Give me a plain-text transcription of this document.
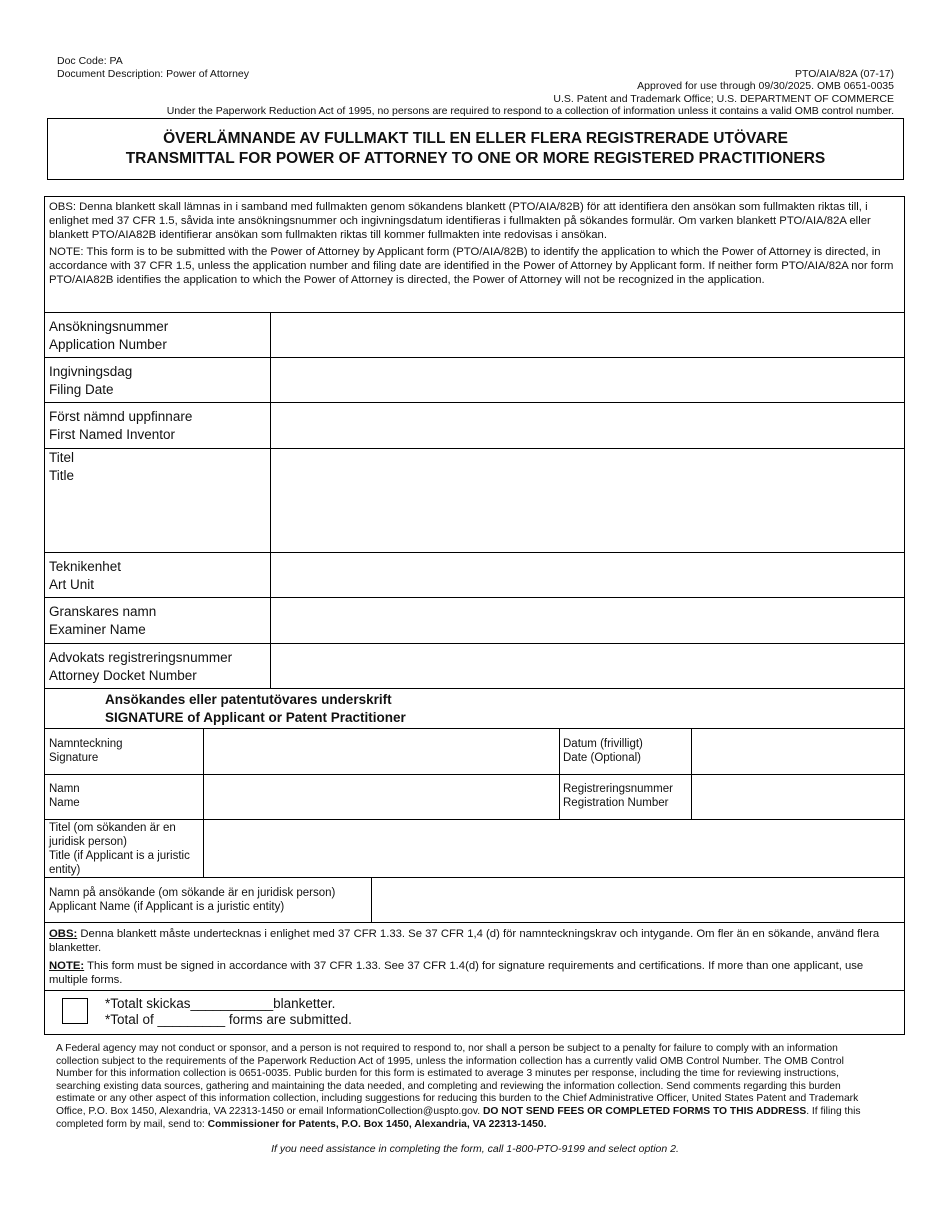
Doc Code: PA
Document Description: Power of Attorney	PTO/AIA/82A (07-17)
Approved for use through 09/30/2025. OMB 0651-0035
U.S. Patent and Trademark Office; U.S. DEPARTMENT OF COMMERCE
Under the Paperwork Reduction Act of 1995, no persons are required to respond to a collection of information unless it contains a valid OMB control number.
ÖVERLÄMNANDE AV FULLMAKT TILL EN ELLER FLERA REGISTRERADE UTÖVARE
TRANSMITTAL FOR POWER OF ATTORNEY TO ONE OR MORE REGISTERED PRACTITIONERS

OBS: Denna blankett skall lämnas in i samband med fullmakten genom sökandens blankett (PTO/AIA/82B) för att identifiera den ansökan som fullmakten riktas till, i enlighet med 37 CFR 1.5, såvida inte ansökningsnummer och ingivningsdatum identifieras i fullmakten på sökandes formulär. Om varken blankett PTO/AIA/82A eller blankett PTO/AIA82B identifierar ansökan som fullmakten riktas till kommer fullmakten inte redovisas i ansökan.

NOTE: This form is to be submitted with the Power of Attorney by Applicant form (PTO/AIA/82B) to identify the application to which the Power of Attorney is directed, in accordance with 37 CFR 1.5, unless the application number and filing date are identified in the Power of Attorney by Applicant form. If neither form PTO/AIA/82A nor form PTO/AIA82B identifies the application to which the Power of Attorney is directed, the Power of Attorney will not be recognized in the application.

Ansökningsnummer
Application Number
Ingivningsdag
Filing Date
Först nämnd uppfinnare
First Named Inventor
Titel
Title
Teknikenhet
Art Unit
Granskares namn
Examiner Name
Advokats registreringsnummer
Attorney Docket Number
Ansökandes eller patentutövares underskrift
SIGNATURE of Applicant or Patent Practitioner
Namnteckning
Signature
Datum (frivilligt)
Date (Optional)
Namn
Name
Registreringsnummer
Registration Number
Titel (om sökanden är en juridisk person)
Title (if Applicant is a juristic entity)
Namn på ansökande (om sökande är en juridisk person)
Applicant Name (if Applicant is a juristic entity)

OBS: Denna blankett måste undertecknas i enlighet med 37 CFR 1.33. Se 37 CFR 1,4 (d) för namnteckningskrav och intygande. Om fler än en sökande, använd flera blanketter.

NOTE: This form must be signed in accordance with 37 CFR 1.33. See 37 CFR 1.4(d) for signature requirements and certifications. If more than one applicant, use multiple forms.

*Totalt skickas___________blanketter.
*Total of _________ forms are submitted.
A Federal agency may not conduct or sponsor, and a person is not required to respond to, nor shall a person be subject to a penalty for failure to comply with an information collection subject to the requirements of the Paperwork Reduction Act of 1995, unless the information collection has a currently valid OMB Control Number. The OMB Control Number for this information collection is 0651-0035. Public burden for this form is estimated to average 3 minutes per response, including the time for reviewing instructions, searching existing data sources, gathering and maintaining the data needed, and completing and reviewing the information collection. Send comments regarding this burden estimate or any other aspect of this information collection, including suggestions for reducing this burden to the Chief Administrative Officer, United States Patent and Trademark Office, P.O. Box 1450, Alexandria, VA 22313-1450 or email InformationCollection@uspto.gov. DO NOT SEND FEES OR COMPLETED FORMS TO THIS ADDRESS. If filing this completed form by mail, send to: Commissioner for Patents, P.O. Box 1450, Alexandria, VA 22313-1450.
If you need assistance in completing the form, call 1-800-PTO-9199 and select option 2.
